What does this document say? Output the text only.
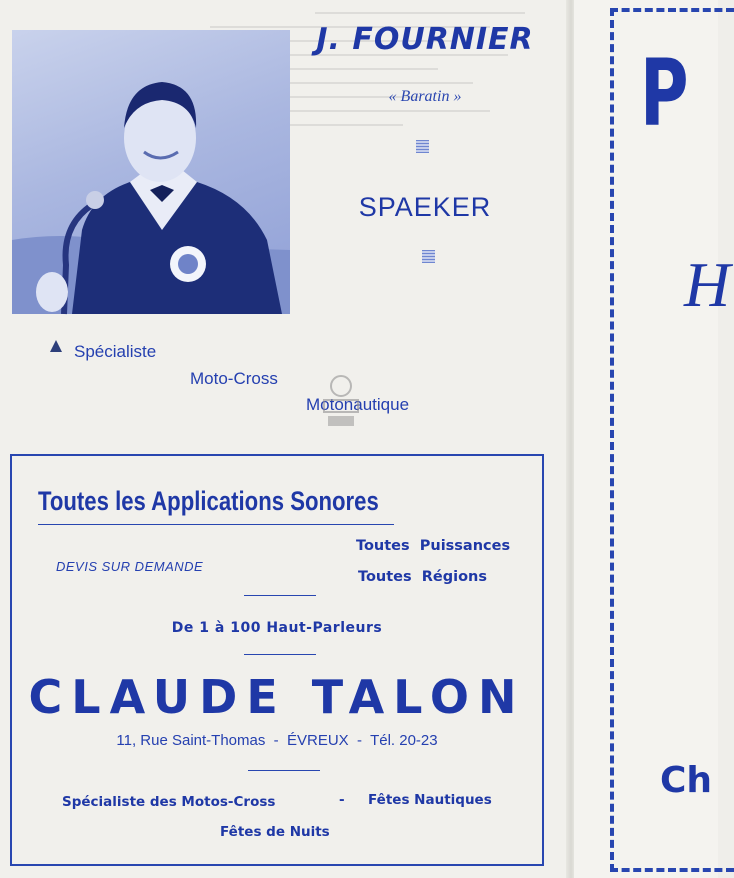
J. FOURNIER
« Baratin »
SPAEKER
Spécialiste
Moto-Cross
Motonautique
Toutes les Applications Sonores
DEVIS SUR DEMANDE
Toutes  Puissances
Toutes  Régions
De 1 à 100 Haut-Parleurs
CLAUDE TALON
11, Rue Saint-Thomas  -  ÉVREUX  -  Tél. 20-23
Spécialiste des Motos-Cross	- Fêtes Nautiques
Fêtes de Nuits
P
H
Ch
